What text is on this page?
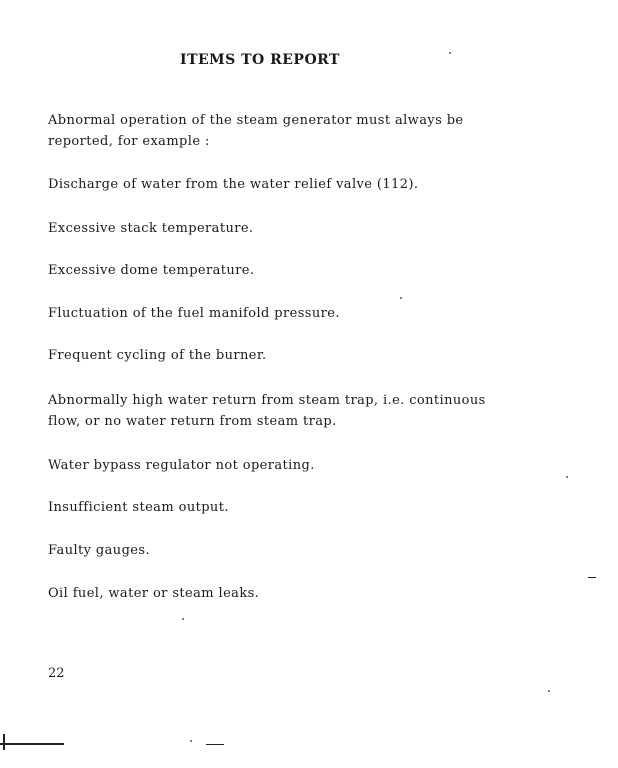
ITEMS TO REPORT
Abnormal operation of the steam generator must always be reported, for example :
Discharge of water from the water relief valve (112).
Excessive stack temperature.
Excessive dome temperature.
Fluctuation of the fuel manifold pressure.
Frequent cycling of the burner.
Abnormally high water return from steam trap, i.e. continuous flow, or no water return from steam trap.
Water bypass regulator not operating.
Insufficient steam output.
Faulty gauges.
Oil fuel, water or steam leaks.
22
